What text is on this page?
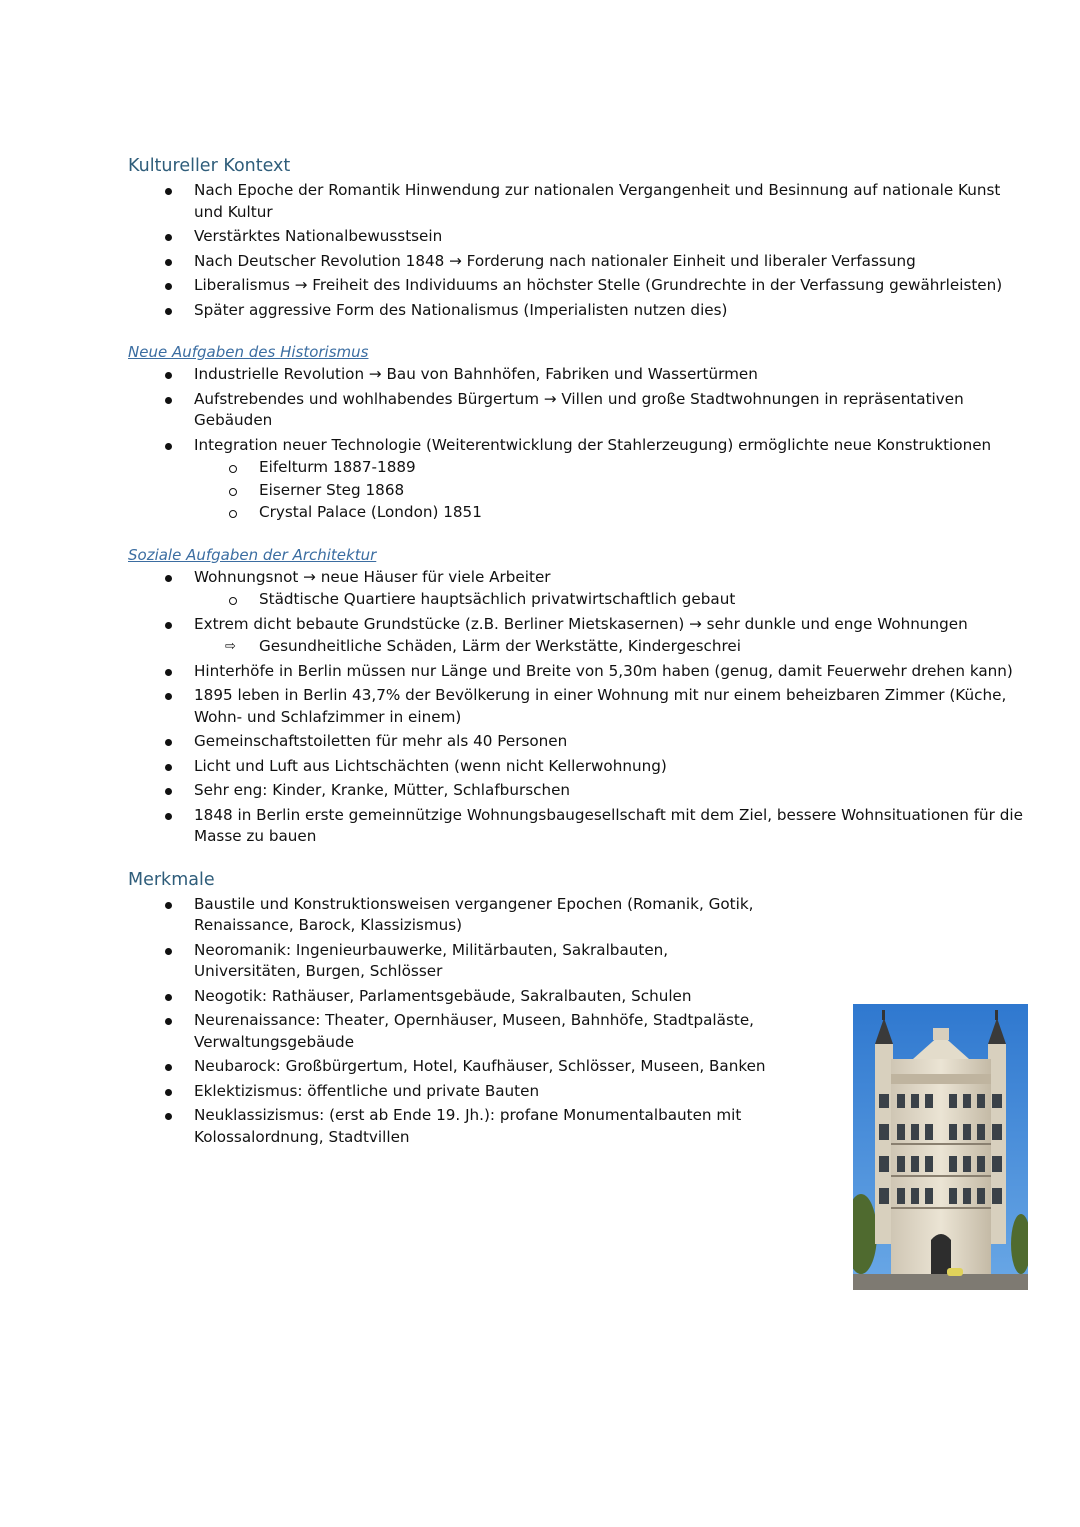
Kultureller Kontext
Nach Epoche der Romantik Hinwendung zur nationalen Vergangenheit und Besinnung auf nationale Kunst und Kultur
Verstärktes Nationalbewusstsein
Nach Deutscher Revolution 1848 → Forderung nach nationaler Einheit und liberaler Verfassung
Liberalismus → Freiheit des Individuums an höchster Stelle (Grundrechte in der Verfassung gewährleisten)
Später aggressive Form des Nationalismus (Imperialisten nutzen dies)
Neue Aufgaben des Historismus
Industrielle Revolution → Bau von Bahnhöfen, Fabriken und Wassertürmen
Aufstrebendes und wohlhabendes Bürgertum → Villen und große Stadtwohnungen in repräsentativen Gebäuden
Integration neuer Technologie (Weiterentwicklung der Stahlerzeugung) ermöglichte neue Konstruktionen
Eifelturm 1887-1889
Eiserner Steg 1868
Crystal Palace (London) 1851
Soziale Aufgaben der Architektur
Wohnungsnot → neue Häuser für viele Arbeiter
Städtische Quartiere hauptsächlich privatwirtschaftlich gebaut
Extrem dicht bebaute Grundstücke (z.B. Berliner Mietskasernen) → sehr dunkle und enge Wohnungen
⇨ Gesundheitliche Schäden, Lärm der Werkstätte, Kindergeschrei
Hinterhöfe in Berlin müssen nur Länge und Breite von 5,30m haben (genug, damit Feuerwehr drehen kann)
1895 leben in Berlin 43,7% der Bevölkerung in einer Wohnung mit nur einem beheizbaren Zimmer (Küche, Wohn- und Schlafzimmer in einem)
Gemeinschaftstoiletten für mehr als 40 Personen
Licht und Luft aus Lichtschächten (wenn nicht Kellerwohnung)
Sehr eng: Kinder, Kranke, Mütter, Schlafburschen
1848 in Berlin erste gemeinnützige Wohnungsbaugesellschaft mit dem Ziel, bessere Wohnsituationen für die Masse zu bauen
Merkmale
Baustile und Konstruktionsweisen vergangener Epochen (Romanik, Gotik, Renaissance, Barock, Klassizismus)
Neoromanik: Ingenieurbauwerke, Militärbauten, Sakralbauten, Universitäten, Burgen, Schlösser
Neogotik: Rathäuser, Parlamentsgebäude, Sakralbauten, Schulen
Neurenaissance: Theater, Opernhäuser, Museen, Bahnhöfe, Stadtpaläste, Verwaltungsgebäude
Neubarock: Großbürgertum, Hotel, Kaufhäuser, Schlösser, Museen, Banken
Eklektizismus: öffentliche und private Bauten
Neuklassizismus: (erst ab Ende 19. Jh.): profane Monumentalbauten mit Kolossalordnung, Stadtvillen
